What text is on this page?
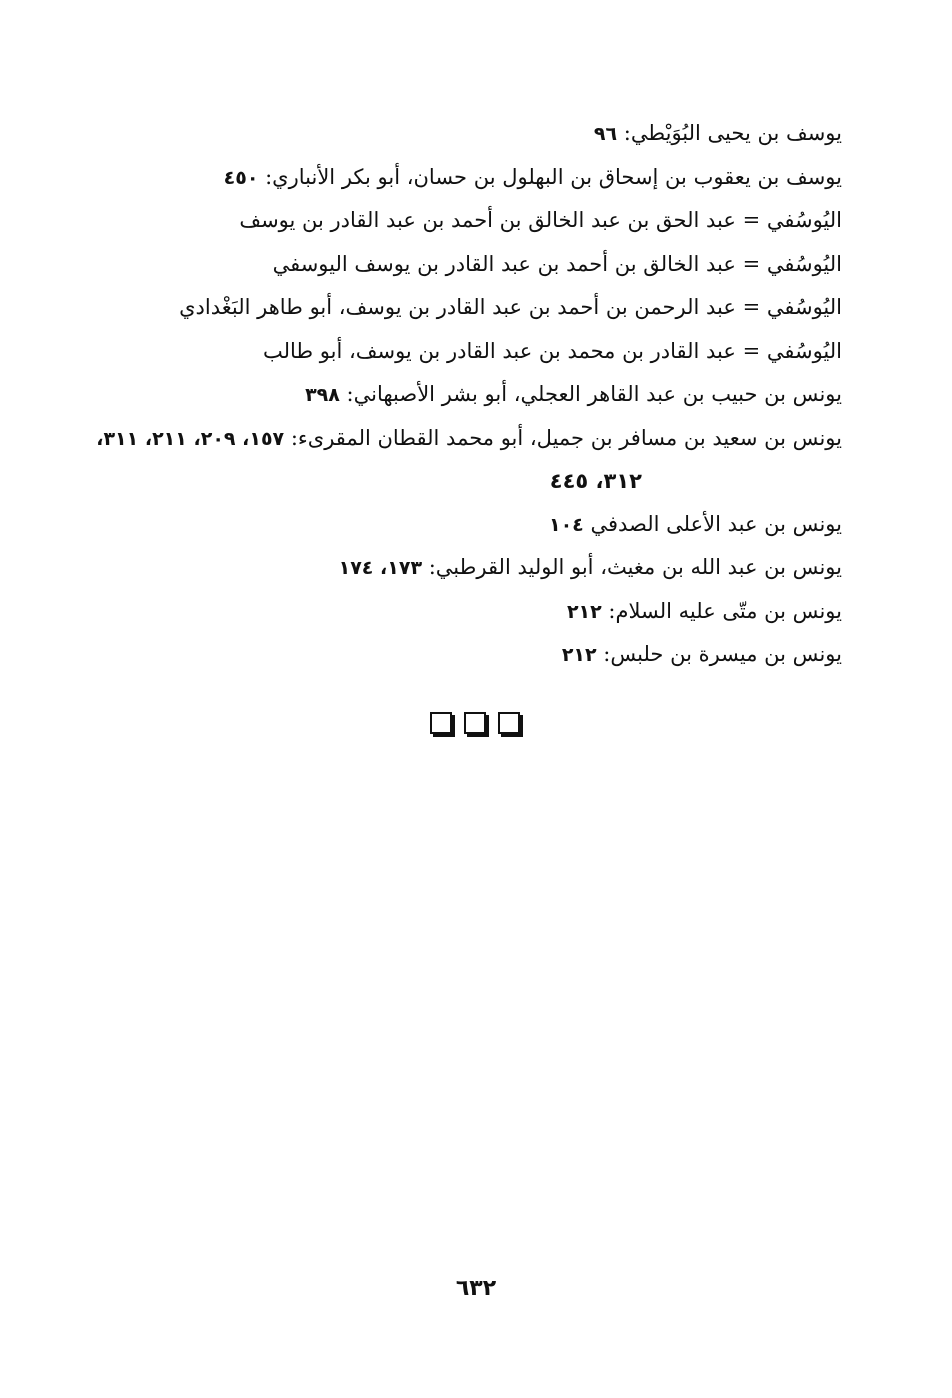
يوسف بن يحيى البُوَيْطي: ٩٦
يوسف بن يعقوب بن إسحاق بن البهلول بن حسان، أبو بكر الأنباري: ٤٥٠
اليُوسُفي = عبد الحق بن عبد الخالق بن أحمد بن عبد القادر بن يوسف
اليُوسُفي = عبد الخالق بن أحمد بن عبد القادر بن يوسف اليوسفي
اليُوسُفي = عبد الرحمن بن أحمد بن عبد القادر بن يوسف، أبو طاهر البَغْدادي
اليُوسُفي = عبد القادر بن محمد بن عبد القادر بن يوسف، أبو طالب
يونس بن حبيب بن عبد القاهر العجلي، أبو بشر الأصبهاني: ٣٩٨
يونس بن سعيد بن مسافر بن جميل، أبو محمد القطان المقرىء: ١٥٧، ٢٠٩، ٢١١، ٣١١،
٣١٢، ٤٤٥
يونس بن عبد الأعلى الصدفي ١٠٤
يونس بن عبد الله بن مغيث، أبو الوليد القرطبي: ١٧٣، ١٧٤
يونس بن متّى عليه السلام: ٢١٢
يونس بن ميسرة بن حلبس: ٢١٢
٦٣٢
